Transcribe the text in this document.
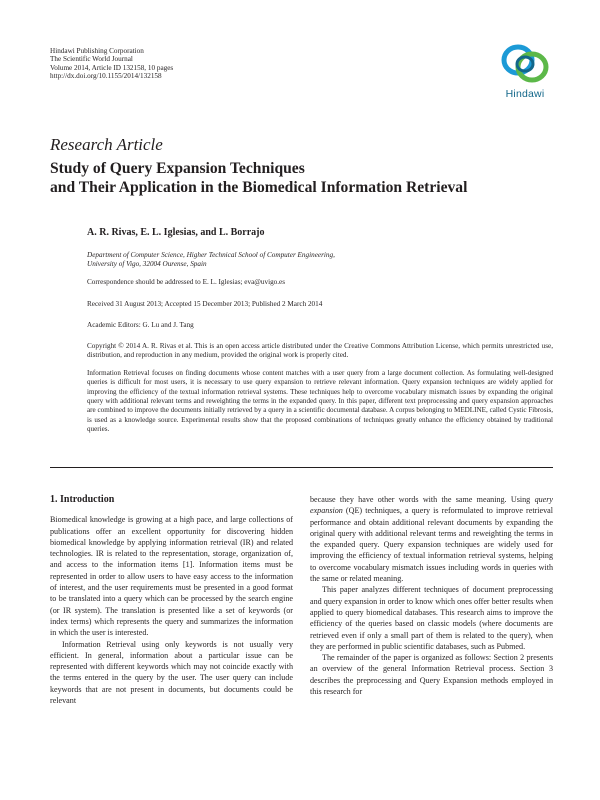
Hindawi Publishing Corporation
The Scientific World Journal
Volume 2014, Article ID 132158, 10 pages
http://dx.doi.org/10.1155/2014/132158
Hindawi
Research Article
Study of Query Expansion Techniques
and Their Application in the Biomedical Information Retrieval
A. R. Rivas, E. L. Iglesias, and L. Borrajo
Department of Computer Science, Higher Technical School of Computer Engineering,
University of Vigo, 32004 Ourense, Spain
Correspondence should be addressed to E. L. Iglesias; eva@uvigo.es
Received 31 August 2013; Accepted 15 December 2013; Published 2 March 2014
Academic Editors: G. Lu and J. Tang
Copyright © 2014 A. R. Rivas et al. This is an open access article distributed under the Creative Commons Attribution License, which permits unrestricted use, distribution, and reproduction in any medium, provided the original work is properly cited.
Information Retrieval focuses on finding documents whose content matches with a user query from a large document collection. As formulating well-designed queries is difficult for most users, it is necessary to use query expansion to retrieve relevant information. Query expansion techniques are widely applied for improving the efficiency of the textual information retrieval systems. These techniques help to overcome vocabulary mismatch issues by expanding the original query with additional relevant terms and reweighting the terms in the expanded query. In this paper, different text preprocessing and query expansion approaches are combined to improve the documents initially retrieved by a query in a scientific documental database. A corpus belonging to MEDLINE, called Cystic Fibrosis, is used as a knowledge source. Experimental results show that the proposed combinations of techniques greatly enhance the efficiency obtained by traditional queries.

1. Introduction

Biomedical knowledge is growing at a high pace, and large collections of publications offer an excellent opportunity for discovering hidden biomedical knowledge by applying information retrieval (IR) and related technologies. IR is related to the representation, storage, organization of, and access to the information items [1]. Information items must be represented in order to allow users to have easy access to the information of interest, and the user requirements must be presented in a good format to be translated into a query which can be processed by the search engine (or IR system). The translation is presented like a set of keywords (or index terms) which represents the query and summarizes the information in which the user is interested.

Information Retrieval using only keywords is not usually very efficient. In general, information about a particular issue can be represented with different keywords which may not coincide exactly with the terms entered in the query by the user. The user query can include keywords that are not present in documents, but documents could be relevant

because they have other words with the same meaning. Using query expansion (QE) techniques, a query is reformulated to improve retrieval performance and obtain additional relevant documents by expanding the original query with additional relevant terms and reweighting the terms in the expanded query. Query expansion techniques are widely used for improving the efficiency of textual information retrieval systems, helping to overcome vocabulary mismatch issues including words in queries with the same or related meaning.

This paper analyzes different techniques of document preprocessing and query expansion in order to know which ones offer better results when applied to query biomedical databases. This research aims to improve the efficiency of the queries based on classic models (where documents are retrieved even if only a small part of them is related to the query), when they are performed in public scientific databases, such as Pubmed.

The remainder of the paper is organized as follows: Section 2 presents an overview of the general Information Retrieval process. Section 3 describes the preprocessing and Query Expansion methods employed in this research for
